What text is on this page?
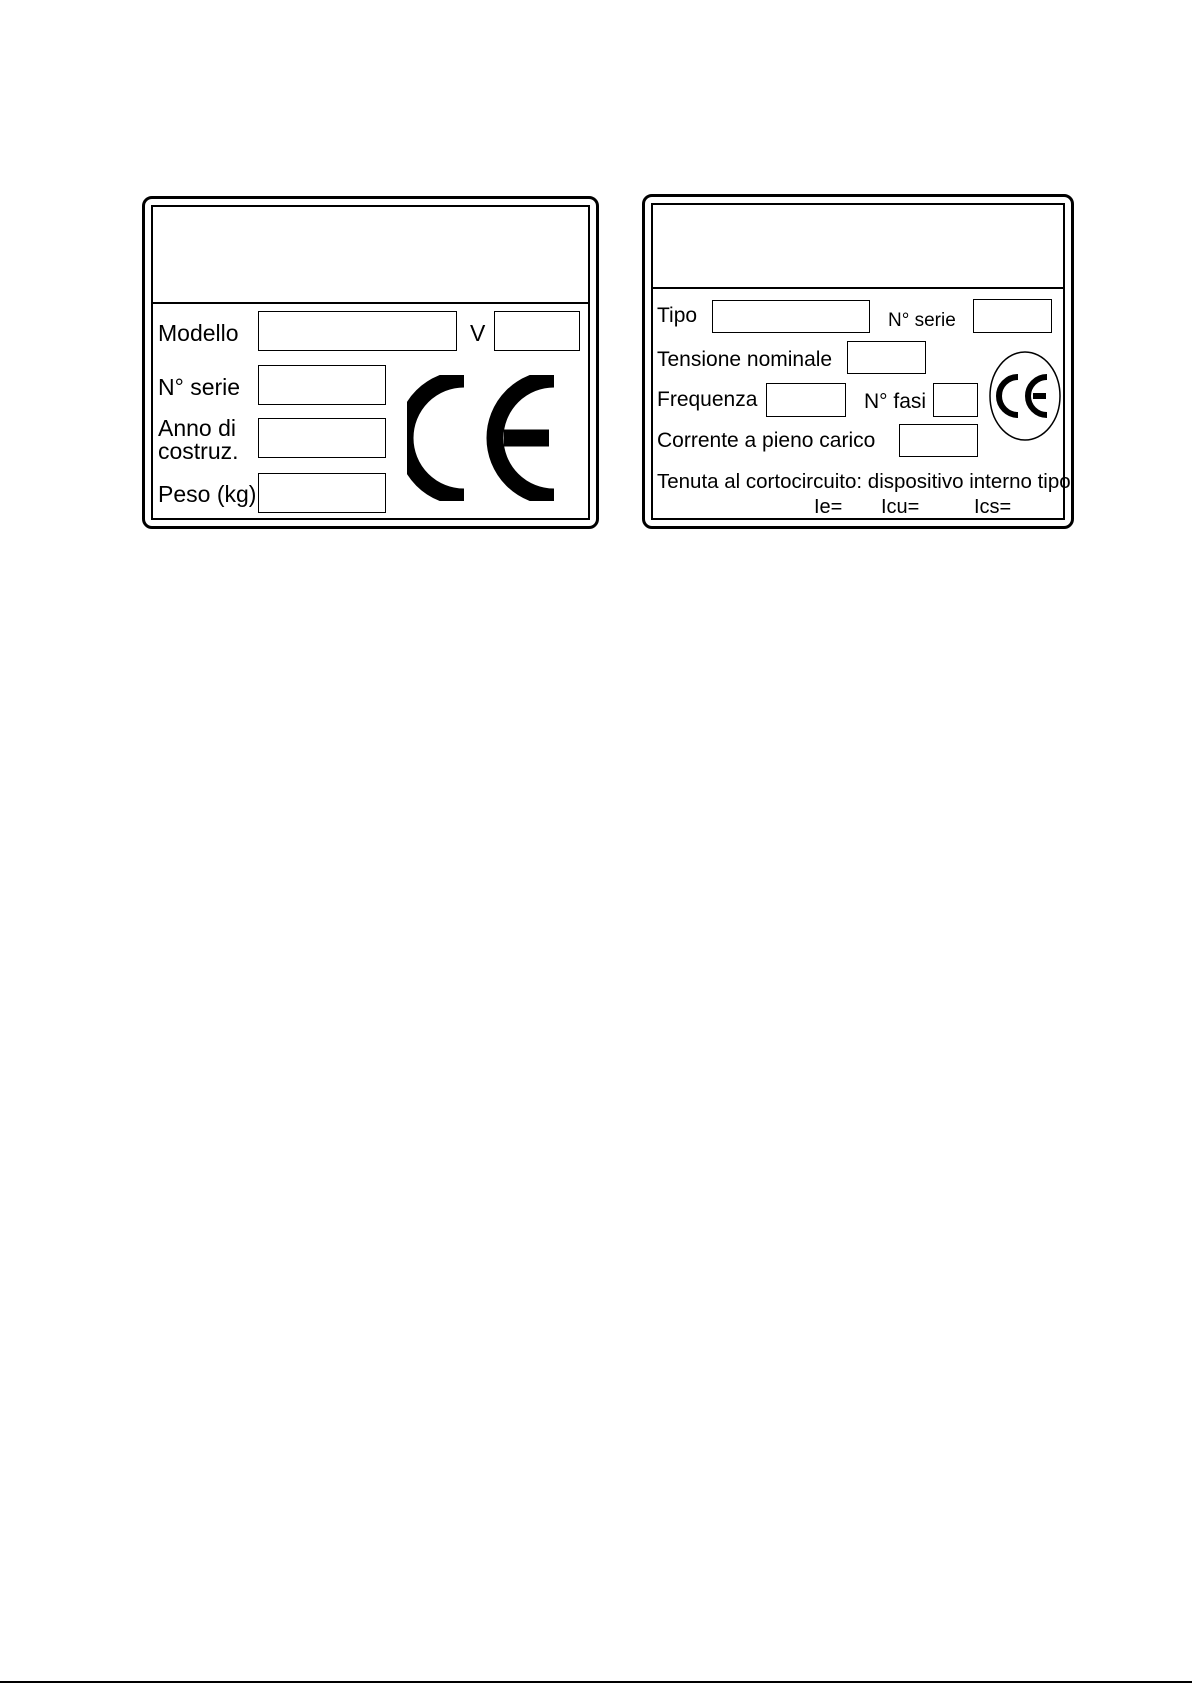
Modello	V
N° serie
Anno di
costruz.
Peso (kg)
Tipo	N° serie
Tensione nominale
Frequenza	N° fasi
Corrente a pieno carico
Tenuta al cortocircuito: dispositivo interno tipo
Ie= Icu=	Ics=
